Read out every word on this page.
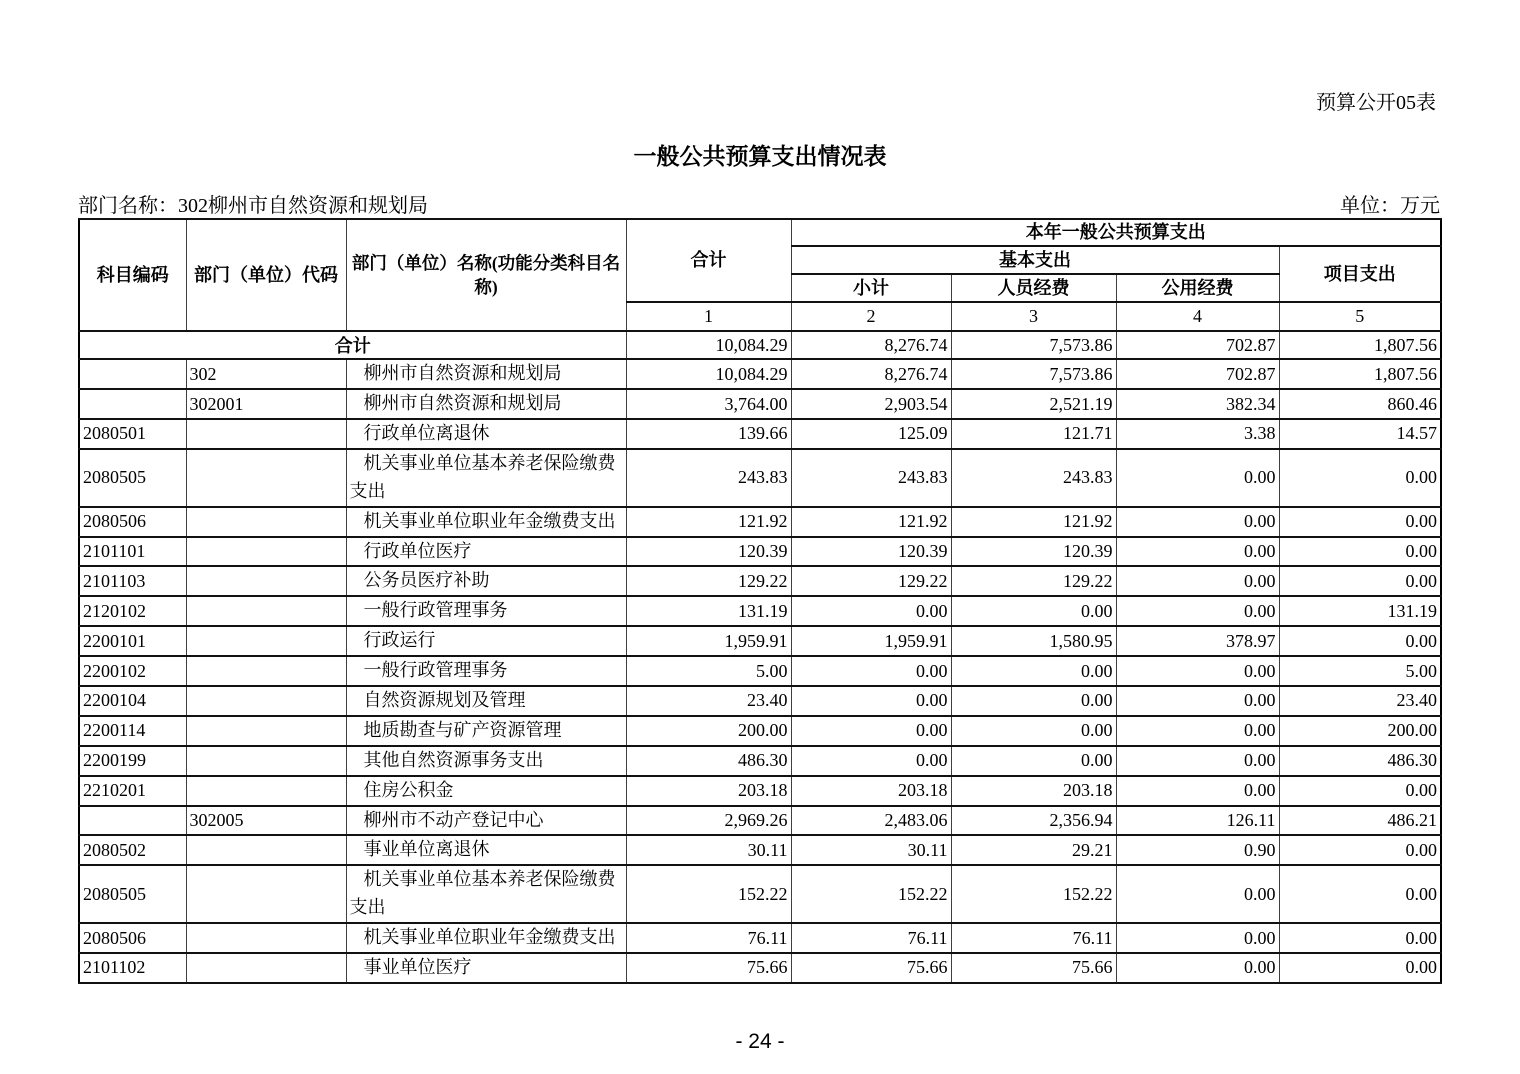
预算公开05表
一般公共预算支出情况表
部门名称：302柳州市自然资源和规划局	单位：万元
科目编码	部门（单位）代码	部门（单位）名称(功能分类科目名称)	合计	本年一般公共预算支出			
				基本支出			项目支出
				小计	人员经费	公用经费	
			1	2	3	4	5
合计			10,084.29	8,276.74	7,573.86	702.87	1,807.56
	302	柳州市自然资源和规划局	10,084.29	8,276.74	7,573.86	702.87	1,807.56
	302001	柳州市自然资源和规划局	3,764.00	2,903.54	2,521.19	382.34	860.46
2080501		行政单位离退休	139.66	125.09	121.71	3.38	14.57
2080505		机关事业单位基本养老保险缴费支出	243.83	243.83	243.83	0.00	0.00
2080506		机关事业单位职业年金缴费支出	121.92	121.92	121.92	0.00	0.00
2101101		行政单位医疗	120.39	120.39	120.39	0.00	0.00
2101103		公务员医疗补助	129.22	129.22	129.22	0.00	0.00
2120102		一般行政管理事务	131.19	0.00	0.00	0.00	131.19
2200101		行政运行	1,959.91	1,959.91	1,580.95	378.97	0.00
2200102		一般行政管理事务	5.00	0.00	0.00	0.00	5.00
2200104		自然资源规划及管理	23.40	0.00	0.00	0.00	23.40
2200114		地质勘查与矿产资源管理	200.00	0.00	0.00	0.00	200.00
2200199		其他自然资源事务支出	486.30	0.00	0.00	0.00	486.30
2210201		住房公积金	203.18	203.18	203.18	0.00	0.00
	302005	柳州市不动产登记中心	2,969.26	2,483.06	2,356.94	126.11	486.21
2080502		事业单位离退休	30.11	30.11	29.21	0.90	0.00
2080505		机关事业单位基本养老保险缴费支出	152.22	152.22	152.22	0.00	0.00
2080506		机关事业单位职业年金缴费支出	76.11	76.11	76.11	0.00	0.00
2101102		事业单位医疗	75.66	75.66	75.66	0.00	0.00
- 24 -
